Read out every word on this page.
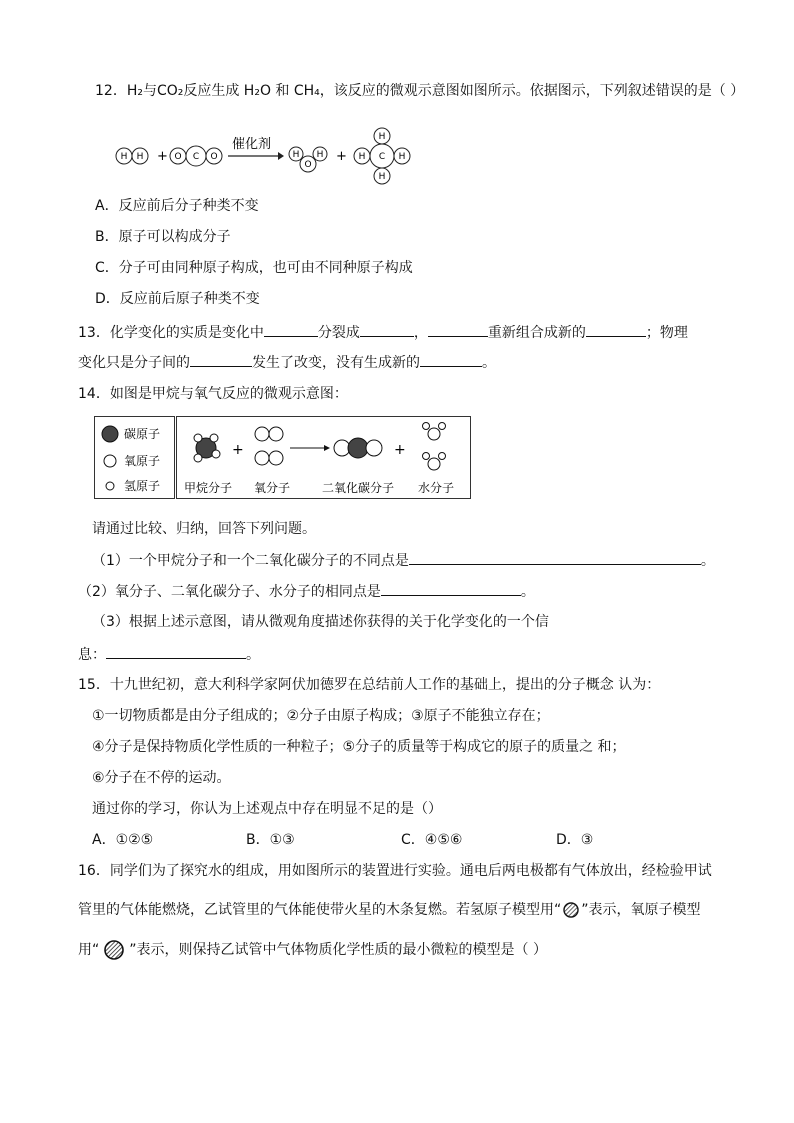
12．H₂与CO₂反应生成 H₂O 和 CH₄，该反应的微观示意图如图所示。依据图示，下列叙述错误的是（ ）
H H + O C O
催化剂
H
O
H +
H
H C H
H
A．反应前后分子种类不变
B．原子可以构成分子
C．分子可由同种原子构成，也可由不同种原子构成
D．反应前后原子种类不变
13．化学变化的实质是变化中	分裂成	，	重新组合成新的	；物理
变化只是分子间的	发生了改变，没有生成新的	。
14．如图是甲烷与氧气反应的微观示意图：
碳原子
氧原子
氢原子
+	+
甲烷分子 氧分子	二氧化碳分子 水分子
请通过比较、归纳，回答下列问题。
（1）一个甲烷分子和一个二氧化碳分子的不同点是	。
（2）氧分子、二氧化碳分子、水分子的相同点是	。
（3）根据上述示意图，请从微观角度描述你获得的关于化学变化的一个信
息：	。
15．十九世纪初，意大利科学家阿伏加德罗在总结前人工作的基础上，提出的分子概念 认为：
①一切物质都是由分子组成的；②分子由原子构成；③原子不能独立存在；
④分子是保持物质化学性质的一种粒子；⑤分子的质量等于构成它的原子的质量之 和；
⑥分子在不停的运动。
通过你的学习，你认为上述观点中存在明显不足的是（）
A．①②⑤	B．①③	C．④⑤⑥	D．③
16．同学们为了探究水的组成，用如图所示的装置进行实验。通电后两电极都有气体放出，经检验甲试
管里的气体能燃烧，乙试管里的气体能使带火星的木条复燃。若氢原子模型用“ ”表示，氧原子模型
用“ ”表示，则保持乙试管中气体物质化学性质的最小微粒的模型是（ ）
